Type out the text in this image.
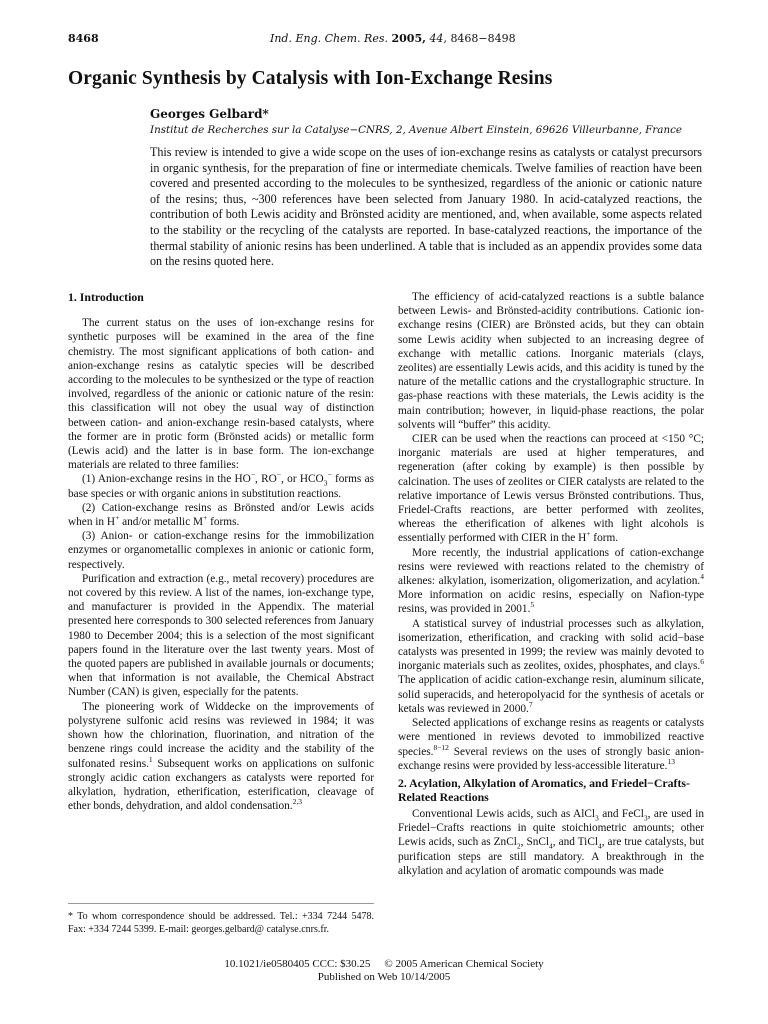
8468	Ind. Eng. Chem. Res. 2005, 44, 8468−8498
Organic Synthesis by Catalysis with Ion-Exchange Resins
Georges Gelbard*
Institut de Recherches sur la Catalyse−CNRS, 2, Avenue Albert Einstein, 69626 Villeurbanne, France

This review is intended to give a wide scope on the uses of ion-exchange resins as catalysts or catalyst precursors in organic synthesis, for the preparation of fine or intermediate chemicals. Twelve families of reaction have been covered and presented according to the molecules to be synthesized, regardless of the anionic or cationic nature of the resins; thus, ~300 references have been selected from January 1980. In acid-catalyzed reactions, the contribution of both Lewis acidity and Brönsted acidity are mentioned, and, when available, some aspects related to the stability or the recycling of the catalysts are reported. In base-catalyzed reactions, the importance of the thermal stability of anionic resins has been underlined. A table that is included as an appendix provides some data on the resins quoted here.

1. Introduction

The current status on the uses of ion-exchange resins for synthetic purposes will be examined in the area of the fine chemistry. The most significant applications of both cation- and anion-exchange resins as catalytic species will be described according to the molecules to be synthesized or the type of reaction involved, regardless of the anionic or cationic nature of the resin: this classification will not obey the usual way of distinction between cation- and anion-exchange resin-based catalysts, where the former are in protic form (Brönsted acids) or metallic form (Lewis acid) and the latter is in base form. The ion-exchange materials are related to three families:

(1) Anion-exchange resins in the HO−, RO−, or $HCO_3^-$ forms as base species or with organic anions in substitution reactions.

(2) Cation-exchange resins as Brönsted and/or Lewis acids when in H+ and/or metallic M+ forms.

(3) Anion- or cation-exchange resins for the immobilization enzymes or organometallic complexes in anionic or cationic form, respectively.

Purification and extraction (e.g., metal recovery) procedures are not covered by this review. A list of the names, ion-exchange type, and manufacturer is provided in the Appendix. The material presented here corresponds to 300 selected references from January 1980 to December 2004; this is a selection of the most significant papers found in the literature over the last twenty years. Most of the quoted papers are published in available journals or documents; when that information is not available, the Chemical Abstract Number (CAN) is given, especially for the patents.

The pioneering work of Widdecke on the improvements of polystyrene sulfonic acid resins was reviewed in 1984; it was shown how the chlorination, fluorination, and nitration of the benzene rings could increase the acidity and the stability of the sulfonated resins.$^1$ Subsequent works on applications on sulfonic strongly acidic cation exchangers as catalysts were reported for alkylation, hydration, etherification, esterification, cleavage of ether bonds, dehydration, and aldol condensation.$^{2,3}$

* To whom correspondence should be addressed. Tel.: +334 7244 5478. Fax: +334 7244 5399. E-mail: georges.gelbard@ catalyse.cnrs.fr.

The efficiency of acid-catalyzed reactions is a subtle balance between Lewis- and Brönsted-acidity contributions. Cationic ion-exchange resins (CIER) are Brönsted acids, but they can obtain some Lewis acidity when subjected to an increasing degree of exchange with metallic cations. Inorganic materials (clays, zeolites) are essentially Lewis acids, and this acidity is tuned by the nature of the metallic cations and the crystallographic structure. In gas-phase reactions with these materials, the Lewis acidity is the main contribution; however, in liquid-phase reactions, the polar solvents will “buffer” this acidity.

CIER can be used when the reactions can proceed at <150 °C; inorganic materials are used at higher temperatures, and regeneration (after coking by example) is then possible by calcination. The uses of zeolites or CIER catalysts are related to the relative importance of Lewis versus Brönsted contributions. Thus, Friedel-Crafts reactions, are better performed with zeolites, whereas the etherification of alkenes with light alcohols is essentially performed with CIER in the H+ form.

More recently, the industrial applications of cation-exchange resins were reviewed with reactions related to the chemistry of alkenes: alkylation, isomerization, oligomerization, and acylation.$^4$ More information on acidic resins, especially on Nafion-type resins, was provided in 2001.$^5$

A statistical survey of industrial processes such as alkylation, isomerization, etherification, and cracking with solid acid−base catalysts was presented in 1999; the review was mainly devoted to inorganic materials such as zeolites, oxides, phosphates, and clays.$^6$ The application of acidic cation-exchange resin, aluminum silicate, solid superacids, and heteropolyacid for the synthesis of acetals or ketals was reviewed in 2000.$^7$

Selected applications of exchange resins as reagents or catalysts were mentioned in reviews devoted to immobilized reactive species.$^{8-12}$ Several reviews on the uses of strongly basic anion-exchange resins were provided by less-accessible literature.$^{13}$

2. Acylation, Alkylation of Aromatics, and Friedel−Crafts-Related Reactions

Conventional Lewis acids, such as AlCl$_3$ and FeCl$_3$, are used in Friedel−Crafts reactions in quite stoichiometric amounts; other Lewis acids, such as ZnCl$_2$, SnCl$_4$, and TiCl$_4$, are true catalysts, but purification steps are still mandatory. A breakthrough in the alkylation and acylation of aromatic compounds was made

10.1021/ie0580405 CCC: $30.25 © 2005 American Chemical Society
Published on Web 10/14/2005
